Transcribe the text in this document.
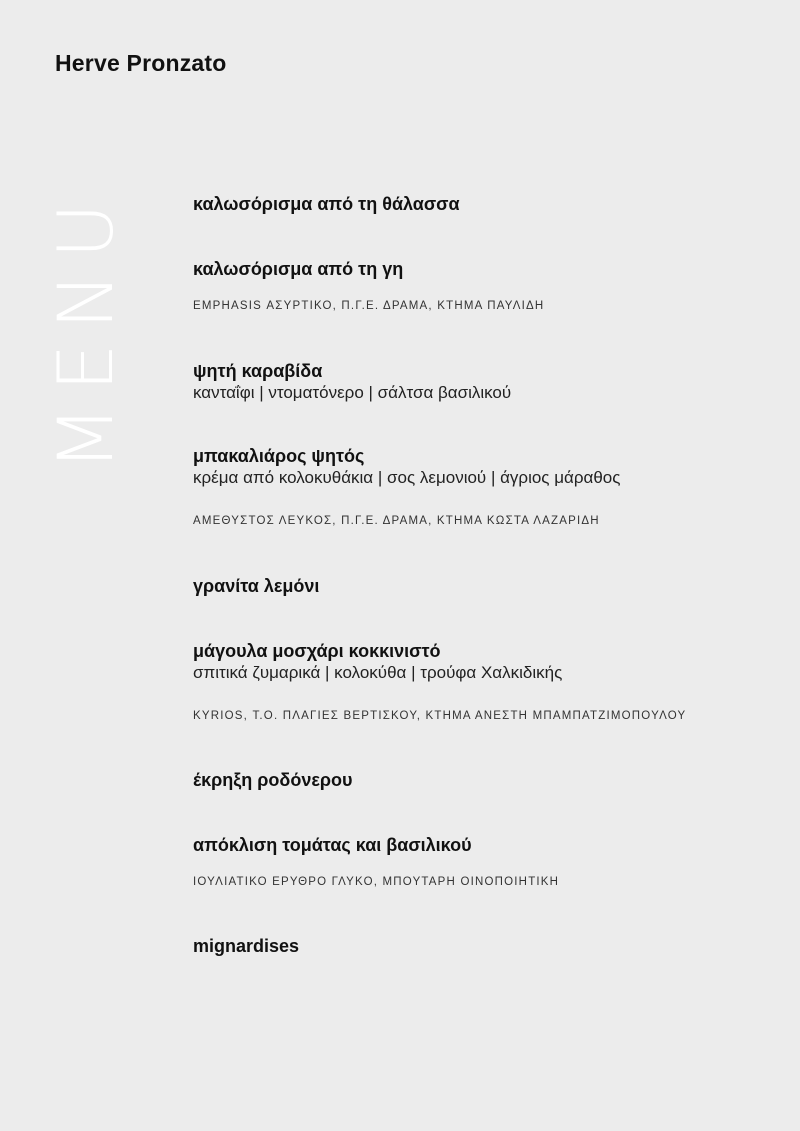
Herve Pronzato
MENU	καλωσόρισμα από τη θάλασσα

καλωσόρισμα από τη γη

EMPHASIS ΑΣΥΡΤΙΚΟ, Π.Γ.Ε. ΔΡΑΜΑ, ΚΤΗΜΑ ΠΑΥΛΙΔΗ

ψητή καραβίδα

κανταΐφι | ντοματόνερο | σάλτσα βασιλικού

μπακαλιάρος ψητός

κρέμα από κολοκυθάκια | σος λεμονιού | άγριος μάραθος

ΑΜΕΘΥΣΤΟΣ ΛΕΥΚΟΣ, Π.Γ.Ε. ΔΡΑΜΑ, ΚΤΗΜΑ ΚΩΣΤΑ ΛΑΖΑΡΙΔΗ

γρανίτα λεμόνι

μάγουλα μοσχάρι κοκκινιστό

σπιτικά ζυμαρικά | κολοκύθα | τρούφα Χαλκιδικής

KYRIOS, Τ.Ο. ΠΛΑΓΙΕΣ ΒΕΡΤΙΣΚΟΥ, ΚΤΗΜΑ ΑΝΕΣΤΗ ΜΠΑΜΠΑΤΖΙΜΟΠΟΥΛΟΥ

έκρηξη ροδόνερου

απόκλιση τομάτας και βασιλικού

ΙΟΥΛΙΑΤΙΚΟ ΕΡΥΘΡΟ ΓΛΥΚΟ, ΜΠΟΥΤΑΡΗ ΟΙΝΟΠΟΙΗΤΙΚΗ

mignardises
